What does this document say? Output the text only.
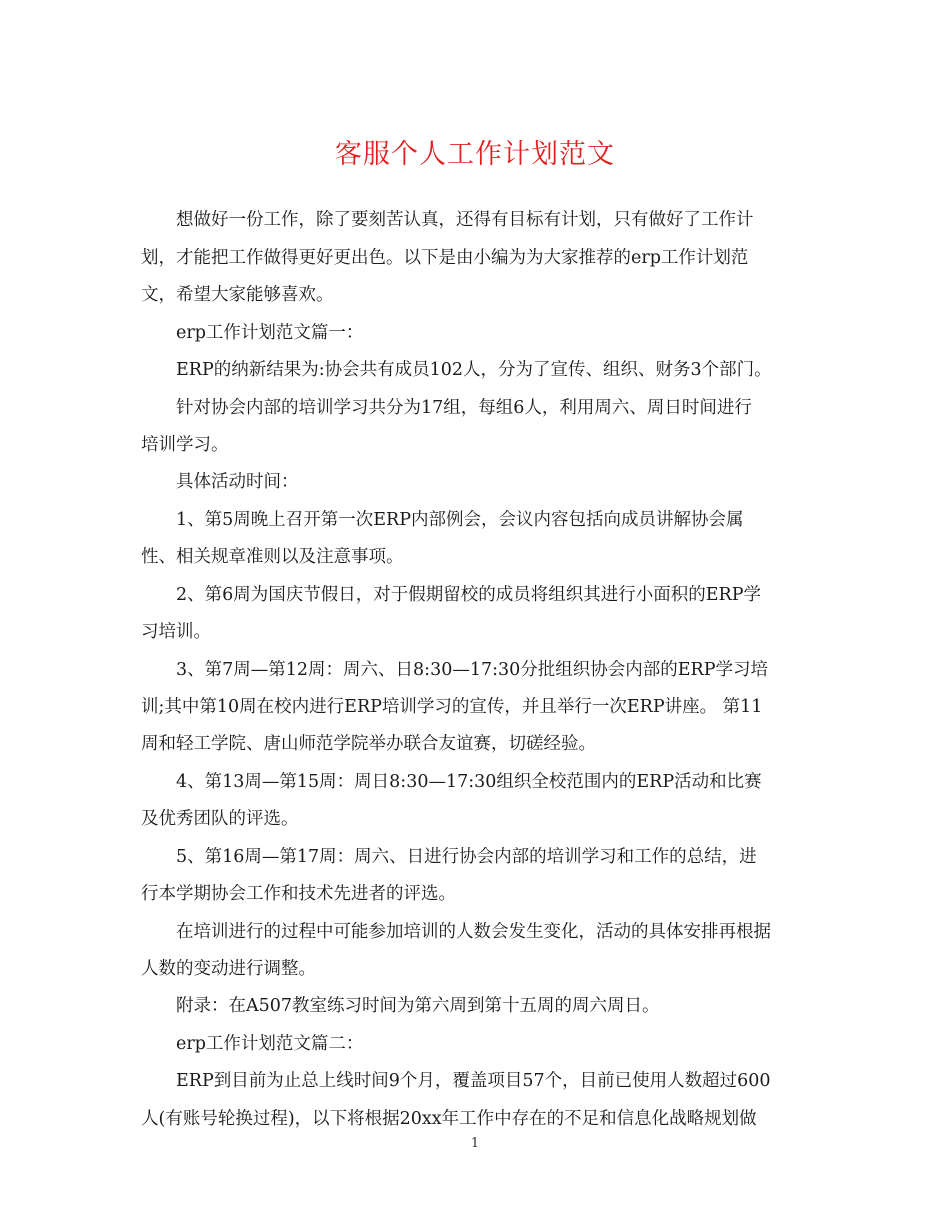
客服个人工作计划范文
想做好一份工作，除了要刻苦认真，还得有目标有计划，只有做好了工作计
划，才能把工作做得更好更出色。以下是由小编为为大家推荐的erp工作计划范
文，希望大家能够喜欢。
erp工作计划范文篇一：
ERP的纳新结果为:协会共有成员102人，分为了宣传、组织、财务3个部门。
针对协会内部的培训学习共分为17组，每组6人，利用周六、周日时间进行
培训学习。
具体活动时间：
1、第5周晚上召开第一次ERP内部例会，会议内容包括向成员讲解协会属
性、相关规章准则以及注意事项。
2、第6周为国庆节假日，对于假期留校的成员将组织其进行小面积的ERP学
习培训。
3、第7周—第12周：周六、日8:30—17:30分批组织协会内部的ERP学习培
训;其中第10周在校内进行ERP培训学习的宣传，并且举行一次ERP讲座。 第11
周和轻工学院、唐山师范学院举办联合友谊赛，切磋经验。
4、第13周—第15周：周日8:30—17:30组织全校范围内的ERP活动和比赛
及优秀团队的评选。
5、第16周—第17周：周六、日进行协会内部的培训学习和工作的总结，进
行本学期协会工作和技术先进者的评选。
在培训进行的过程中可能参加培训的人数会发生变化，活动的具体安排再根据
人数的变动进行调整。
附录：在A507教室练习时间为第六周到第十五周的周六周日。
erp工作计划范文篇二：
ERP到目前为止总上线时间9个月，覆盖项目57个，目前已使用人数超过600
人(有账号轮换过程)，以下将根据20xx年工作中存在的不足和信息化战略规划做
1
